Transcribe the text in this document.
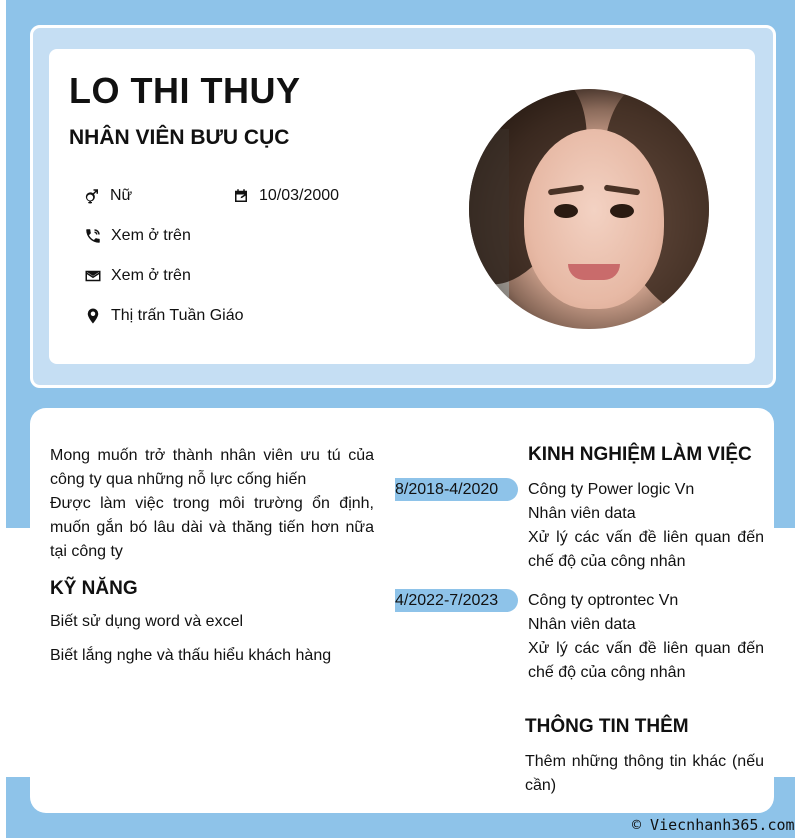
LO THI THUY
NHÂN VIÊN BƯU CỤC
Nữ	10/03/2000
Xem ở trên
Xem ở trên
Thị trấn Tuần Giáo

Mong muốn trở thành nhân viên ưu tú của công ty qua những nỗ lực cống hiến

Được làm việc trong môi trường ổn định, muốn gắn bó lâu dài và thăng tiến hơn nữa tại công ty

KỸ NĂNG

Biết sử dụng word và excel

Biết lắng nghe và thấu hiểu khách hàng

KINH NGHIỆM LÀM VIỆC
8/2018-4/2020	Công ty Power logic Vn

Nhân viên data

Xử lý các vấn đề liên quan đến chế độ của công nhân

4/2022-7/2023	Công ty optrontec Vn

Nhân viên data

Xử lý các vấn đề liên quan đến chế độ của công nhân

THÔNG TIN THÊM

Thêm những thông tin khác (nếu cần)

© Viecnhanh365.com
